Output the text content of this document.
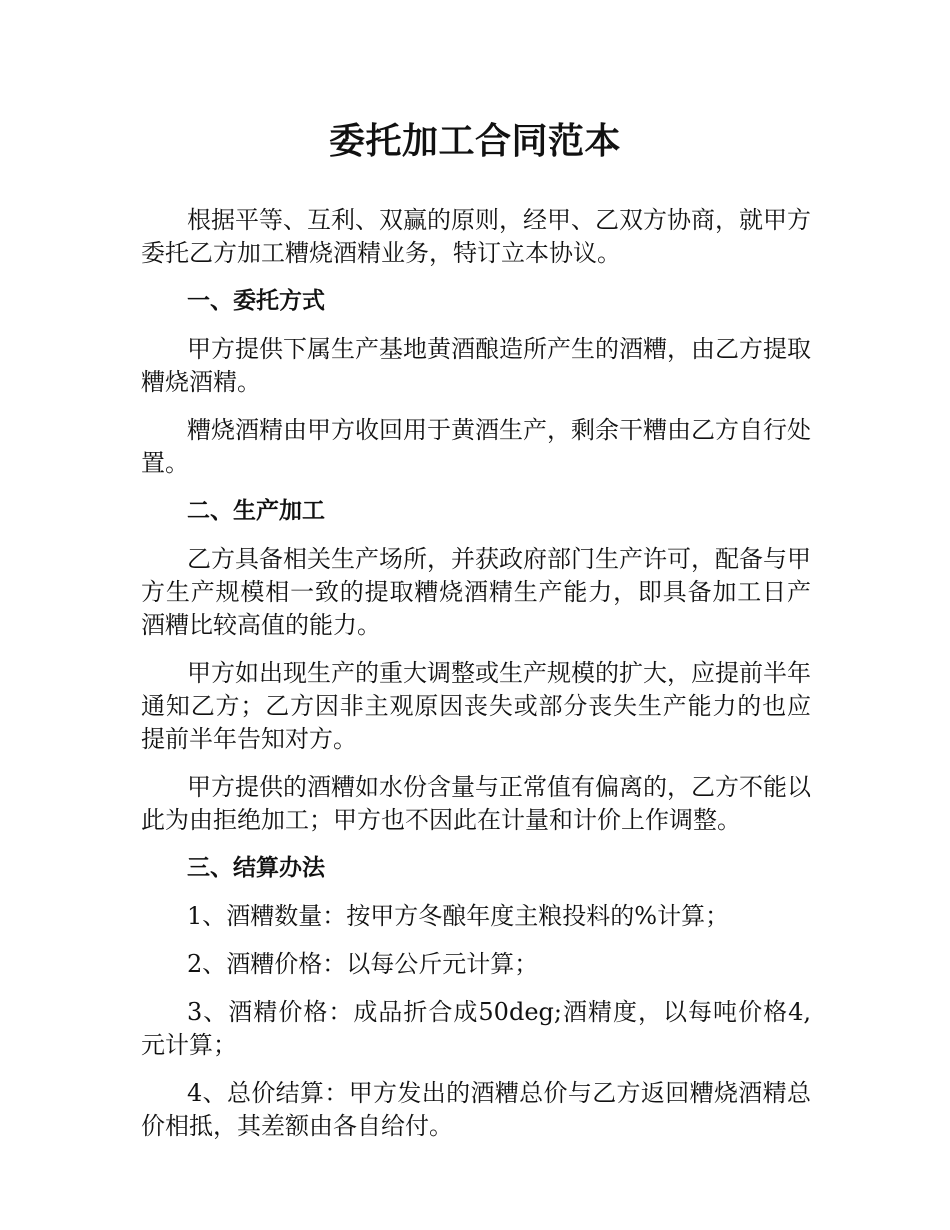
委托加工合同范本

根据平等、互利、双赢的原则，经甲、乙双方协商，就甲方委托乙方加工糟烧酒精业务，特订立本协议。

一、委托方式

甲方提供下属生产基地黄酒酿造所产生的酒糟，由乙方提取糟烧酒精。

糟烧酒精由甲方收回用于黄酒生产，剩余干糟由乙方自行处置。

二、生产加工

乙方具备相关生产场所，并获政府部门生产许可，配备与甲方生产规模相一致的提取糟烧酒精生产能力，即具备加工日产酒糟比较高值的能力。

甲方如出现生产的重大调整或生产规模的扩大，应提前半年通知乙方；乙方因非主观原因丧失或部分丧失生产能力的也应提前半年告知对方。

甲方提供的酒糟如水份含量与正常值有偏离的，乙方不能以此为由拒绝加工；甲方也不因此在计量和计价上作调整。

三、结算办法

1、酒糟数量：按甲方冬酿年度主粮投料的%计算；

2、酒糟价格：以每公斤元计算；

3、酒精价格：成品折合成50deg;酒精度，以每吨价格4,元计算；

4、总价结算：甲方发出的酒糟总价与乙方返回糟烧酒精总价相抵，其差额由各自给付。
